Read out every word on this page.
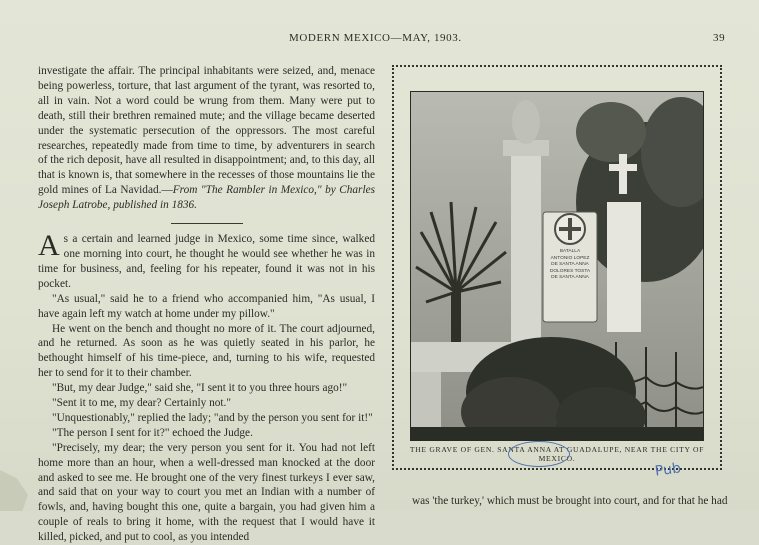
MODERN MEXICO—MAY, 1903.	39

investigate the affair. The principal inhabitants were seized, and, menace being powerless, torture, that last argument of the tyrant, was resorted to, all in vain. Not a word could be wrung from them. Many were put to death, still their brethren remained mute; and the village became deserted under the systematic persecution of the oppressors. The most careful researches, repeatedly made from time to time, by adventurers in search of the rich deposit, have all resulted in disappointment; and, to this day, all that is known is, that somewhere in the recesses of those mountains lie the gold mines of La Navidad.—From "The Rambler in Mexico," by Charles Joseph Latrobe, published in 1836.

As a certain and learned judge in Mexico, some time since, walked one morning into court, he thought he would see whether he was in time for business, and, feeling for his repeater, found it was not in his pocket.

"As usual," said he to a friend who accompanied him, "As usual, I have again left my watch at home under my pillow."

He went on the bench and thought no more of it. The court adjourned, and he returned. As soon as he was quietly seated in his parlor, he bethought himself of his time-piece, and, turning to his wife, requested her to send for it to their chamber.

"But, my dear Judge," said she, "I sent it to you three hours ago!"

"Sent it to me, my dear? Certainly not."

"Unquestionably," replied the lady; "and by the person you sent for it!"

"The person I sent for it?" echoed the Judge.

"Precisely, my dear; the very person you sent for it. You had not left home more than an hour, when a well-dressed man knocked at the door and asked to see me. He brought one of the very finest turkeys I ever saw, and said that on your way to court you met an Indian with a number of fowls, and, having bought this one, quite a bargain, you had given him a couple of reals to bring it home, with the request that I would have it killed, picked, and put to cool, as you intended

BATALLA
ANTONIO LOPEZ
DE SANTA ANNA
DOLORES TOSTA
DE SANTA ANNA
THE GRAVE OF GEN. SANTA ANNA AT GUADALUPE, NEAR THE CITY OF MEXICO.
was 'the turkey,' which must be brought into court, and for that he had
Pub
